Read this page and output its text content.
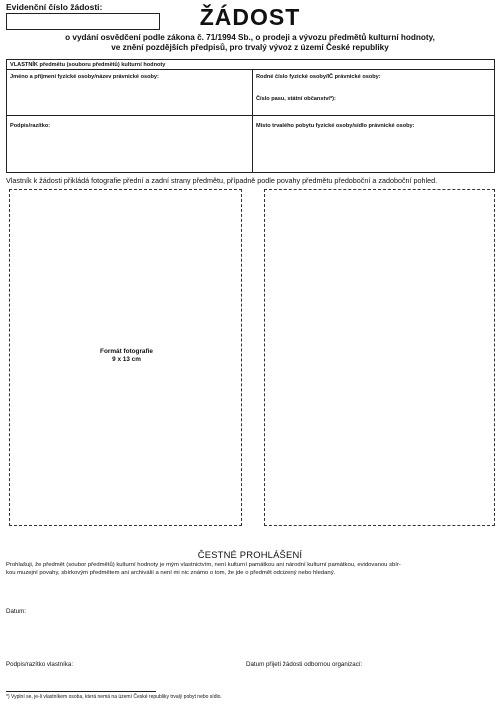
Evidenční číslo žádosti:	ŽÁDOST
o vydání osvědčení podle zákona č. 71/1994 Sb., o prodeji a vývozu předmětů kulturní hodnoty,
ve znění pozdějších předpisů, pro trvalý vývoz z území České republiky
VLASTNÍK předmětu (souboru předmětů) kulturní hodnoty
Jméno a příjmení fyzické osoby/název právnické osoby:	Rodné číslo fyzické osoby/IČ právnické osoby:
Číslo pasu, státní občanství*):
Podpis/razítko:	Místo trvalého pobytu fyzické osoby/sídlo právnické osoby:
Vlastník k žádosti přikládá fotografie přední a zadní strany předmětu, případně podle povahy předmětu předoboční a zadoboční pohled.
Formát fotografie
9 x 13 cm
ČESTNÉ PROHLÁŠENÍ
Prohlašuji, že předmět (soubor předmětů) kulturní hodnoty je mým vlastnictvím, není kulturní památkou ani národní kulturní památkou, evidovanou sbír-
kou muzejní povahy, sbírkovým předmětem ani archiválií a není mi nic známo o tom, že jde o předmět odcizený nebo hledaný.
Datum:
Podpis/razítko vlastníka:	Datum přijetí žádosti odbornou organizací:
*) Vyplní se, je-li vlastníkem osoba, která nemá na území České republiky trvalý pobyt nebo sídlo.
